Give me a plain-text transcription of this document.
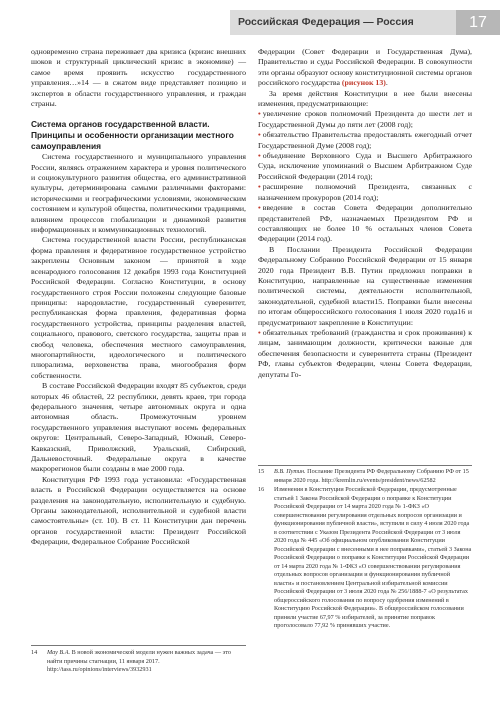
Российская Федерация — Россия	17

одновременно страна переживает два кризиса (кризис внешних шоков и структурный циклический кризис в экономике) — самое время проявить искусство государственного управления…»14 — в сжатом виде представляет позицию и экспертов в области государственного управления, и граждан страны.

Система органов государственной власти. Принципы и особенности организации местного самоуправления

Система государственного и муниципального управления России, являясь отражением характера и уровня политического и социокультурного развития общества, его административной культуры, детерминирована самыми различными факторами: историческими и географическими условиями, экономическим состоянием и культурой общества, политическими традициями, влиянием процессов глобализации и динамикой развития информационных и коммуникационных технологий.

Система государственной власти России, республиканская форма правления и федеративное государственное устройство закреплены Основным законом — принятой в ходе всенародного голосования 12 декабря 1993 года Конституцией Российской Федерации. Согласно Конституции, в основу государственного строя России положены следующие базовые принципы: народовластие, государственный суверенитет, республиканская форма правления, федеративная форма государственного устройства, принципы разделения властей, социального, правового, светского государства, защиты прав и свобод человека, обеспечения местного самоуправления, многопартийности, идеологического и политического плюрализма, верховенства права, многообразия форм собственности.

В составе Российской Федерации входят 85 субъектов, среди которых 46 областей, 22 республики, девять краев, три города федерального значения, четыре автономных округа и одна автономная область. Промежуточным уровнем государственного управления выступают восемь федеральных округов: Центральный, Северо-Западный, Южный, Северо-Кавказский, Приволжский, Уральский, Сибирский, Дальневосточный. Федеральные округа в качестве макрорегионов были созданы в мае 2000 года.

Конституция РФ 1993 года установила: «Государственная власть в Российской Федерации осуществляется на основе разделения на законодательную, исполнительную и судебную. Органы законодательной, исполнительной и судебной власти самостоятельны» (ст. 10). В ст. 11 Конституции дан перечень органов государственной власти: Президент Российской Федерации, Федеральное Собрание Российской

Федерации (Совет Федерации и Государственная Дума), Правительство и суды Российской Федерации. В совокупности эти органы образуют основу конституционной системы органов российского государства (рисунок 13).

За время действия Конституции в нее были внесены изменения, предусматривающие:

• увеличение сроков полномочий Президента до шести лет и Государственной Думы до пяти лет (2008 год);

• обязательство Правительства предоставлять ежегодный отчет Государственной Думе (2008 год);

• объединение Верховного Суда и Высшего Арбитражного Суда, исключение упоминаний о Высшем Арбитражном Суде Российской Федерации (2014 год);

• расширение полномочий Президента, связанных с назначением прокуроров (2014 год);

• введение в состав Совета Федерации дополнительно представителей РФ, назначаемых Президентом РФ и составляющих не более 10 % остальных членов Совета Федерации (2014 год).

В Послании Президента Российской Федерации Федеральному Собранию Российской Федерации от 15 января 2020 года Президент В.В. Путин предложил поправки в Конституцию, направленные на существенные изменения политической системы, деятельности исполнительной, законодательной, судебной власти15. Поправки были внесены по итогам общероссийского голосования 1 июля 2020 года16 и предусматривают закрепление в Конституции:

• обязательных требований (гражданства и срок проживания) к лицам, занимающим должности, критически важные для обеспечения безопасности и суверенитета страны (Президент РФ, главы субъектов Федерации, члены Совета Федерации, депутаты Го-

15	В.В. Путин. Послание Президента РФ Федеральному Собранию РФ от 15 января 2020 года. http://kremlin.ru/events/president/news/62582
16	Изменения в Конституции Российской Федерации, предусмотренные статьей 1 Закона Российской Федерации о поправке к Конституции Российской Федерации от 14 марта 2020 года № 1-ФКЗ «О совершенствовании регулирования отдельных вопросов организации и функционирования публичной власти», вступили в силу 4 июля 2020 года в соответствии с Указом Президента Российской Федерации от 3 июля 2020 года № 445 «Об официальном опубликовании Конституции Российской Федерации с внесенными в нее поправками», статьей 3 Закона Российской Федерации о поправке к Конституции Российской Федерации от 14 марта 2020 года № 1-ФКЗ «О совершенствовании регулирования отдельных вопросов организации и функционирования публичной власти» и постановлением Центральной избирательной комиссии Российской Федерации от 3 июля 2020 года № 256/1888-7 «О результатах общероссийского голосования по вопросу одобрения изменений в Конституцию Российской Федерации». В общероссийском голосовании приняли участие 67,97 % избирателей, за принятие поправок проголосовало 77,92 % принявших участие.
14	Мау В.А. В новой экономической модели нужен важных задача — это найти причины стагнации, 11 января 2017. http://tass.ru/opinions/interviews/3932931
